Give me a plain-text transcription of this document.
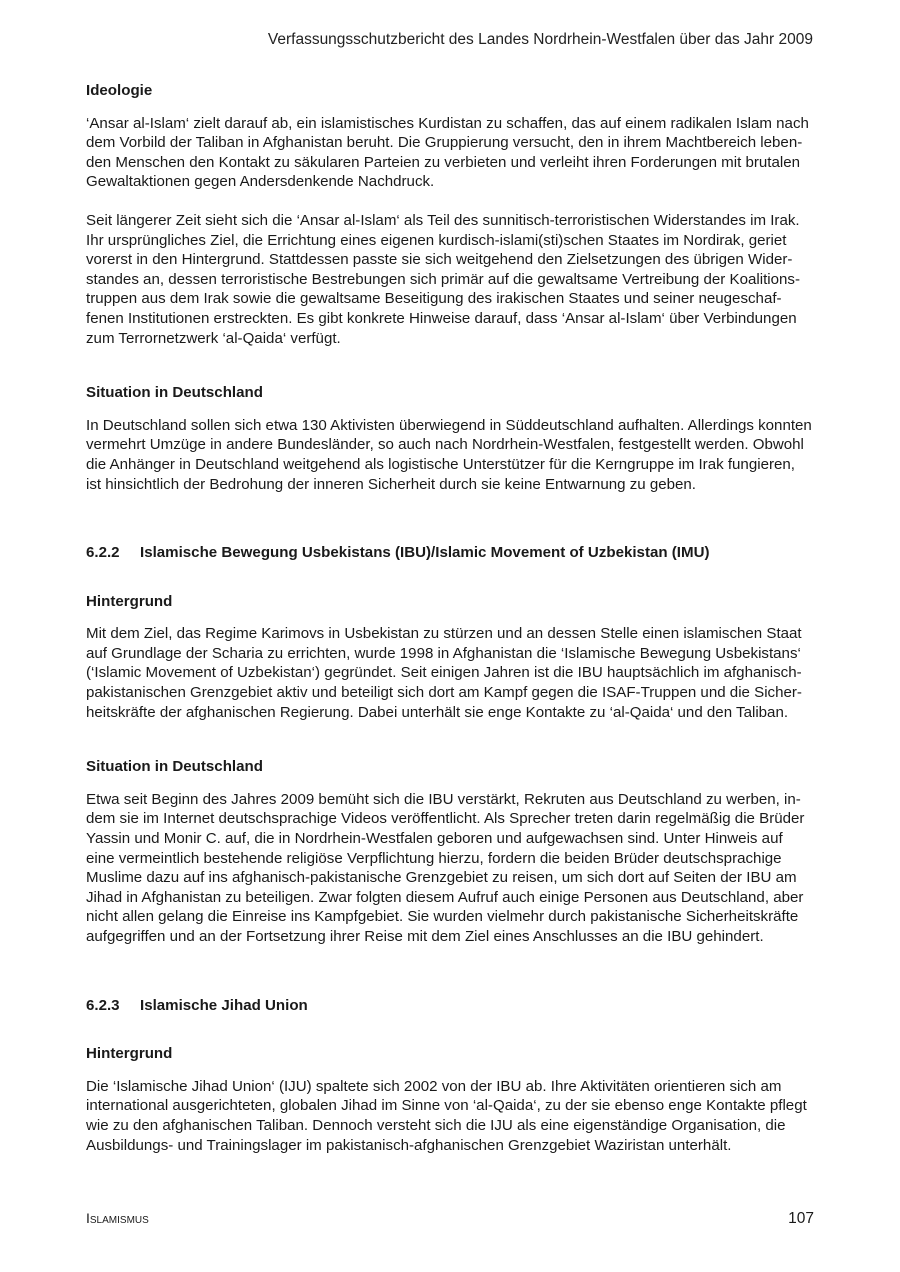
Verfassungsschutzbericht des Landes Nordrhein-Westfalen über das Jahr 2009

Ideologie

‘Ansar al-Islam‘ zielt darauf ab, ein islamistisches Kurdistan zu schaffen, das auf einem radikalen Islam nach dem Vorbild der Taliban in Afghanistan beruht. Die Gruppierung versucht, den in ihrem Machtbereich leben-den Menschen den Kontakt zu säkularen Parteien zu verbieten und verleiht ihren Forderungen mit brutalen Gewaltaktionen gegen Andersdenkende Nachdruck.

Seit längerer Zeit sieht sich die ‘Ansar al-Islam‘ als Teil des sunnitisch-terroristischen Widerstandes im Irak. Ihr ursprüngliches Ziel, die Errichtung eines eigenen kurdisch-islami(sti)schen Staates im Nordirak, geriet vorerst in den Hintergrund. Stattdessen passte sie sich weitgehend den Zielsetzungen des übrigen Wider-standes an, dessen terroristische Bestrebungen sich primär auf die gewaltsame Vertreibung der Koalitions-truppen aus dem Irak sowie die gewaltsame Beseitigung des irakischen Staates und seiner neugeschaf-fenen Institutionen erstreckten. Es gibt konkrete Hinweise darauf, dass ‘Ansar al-Islam‘ über Verbindungen zum Terrornetzwerk ‘al-Qaida‘ verfügt.

Situation in Deutschland

In Deutschland sollen sich etwa 130 Aktivisten überwiegend in Süddeutschland aufhalten. Allerdings konnten vermehrt Umzüge in andere Bundesländer, so auch nach Nordrhein-Westfalen, festgestellt werden. Obwohl die Anhänger in Deutschland weitgehend als logistische Unterstützer für die Kerngruppe im Irak fungieren, ist hinsichtlich der Bedrohung der inneren Sicherheit durch sie keine Entwarnung zu geben.

6.2.2 Islamische Bewegung Usbekistans (IBU)/Islamic Movement of Uzbekistan (IMU)

Hintergrund

Mit dem Ziel, das Regime Karimovs in Usbekistan zu stürzen und an dessen Stelle einen islamischen Staat auf Grundlage der Scharia zu errichten, wurde 1998 in Afghanistan die ‘Islamische Bewegung Usbekistans‘ (‘Islamic Movement of Uzbekistan‘) gegründet. Seit einigen Jahren ist die IBU hauptsächlich im afghanisch-pakistanischen Grenzgebiet aktiv und beteiligt sich dort am Kampf gegen die ISAF-Truppen und die Sicher-heitskräfte der afghanischen Regierung. Dabei unterhält sie enge Kontakte zu ‘al-Qaida‘ und den Taliban.

Situation in Deutschland

Etwa seit Beginn des Jahres 2009 bemüht sich die IBU verstärkt, Rekruten aus Deutschland zu werben, in-dem sie im Internet deutschsprachige Videos veröffentlicht. Als Sprecher treten darin regelmäßig die Brüder Yassin und Monir C. auf, die in Nordrhein-Westfalen geboren und aufgewachsen sind. Unter Hinweis auf eine vermeintlich bestehende religiöse Verpflichtung hierzu, fordern die beiden Brüder deutschsprachige Muslime dazu auf ins afghanisch-pakistanische Grenzgebiet zu reisen, um sich dort auf Seiten der IBU am Jihad in Afghanistan zu beteiligen. Zwar folgten diesem Aufruf auch einige Personen aus Deutschland, aber nicht allen gelang die Einreise ins Kampfgebiet. Sie wurden vielmehr durch pakistanische Sicherheitskräfte aufgegriffen und an der Fortsetzung ihrer Reise mit dem Ziel eines Anschlusses an die IBU gehindert.

6.2.3 Islamische Jihad Union

Hintergrund

Die ‘Islamische Jihad Union‘ (IJU) spaltete sich 2002 von der IBU ab. Ihre Aktivitäten orientieren sich am international ausgerichteten, globalen Jihad im Sinne von ‘al-Qaida‘, zu der sie ebenso enge Kontakte pflegt wie zu den afghanischen Taliban. Dennoch versteht sich die IJU als eine eigenständige Organisation, die Ausbildungs- und Trainingslager im pakistanisch-afghanischen Grenzgebiet Waziristan unterhält.

Islamismus	107
